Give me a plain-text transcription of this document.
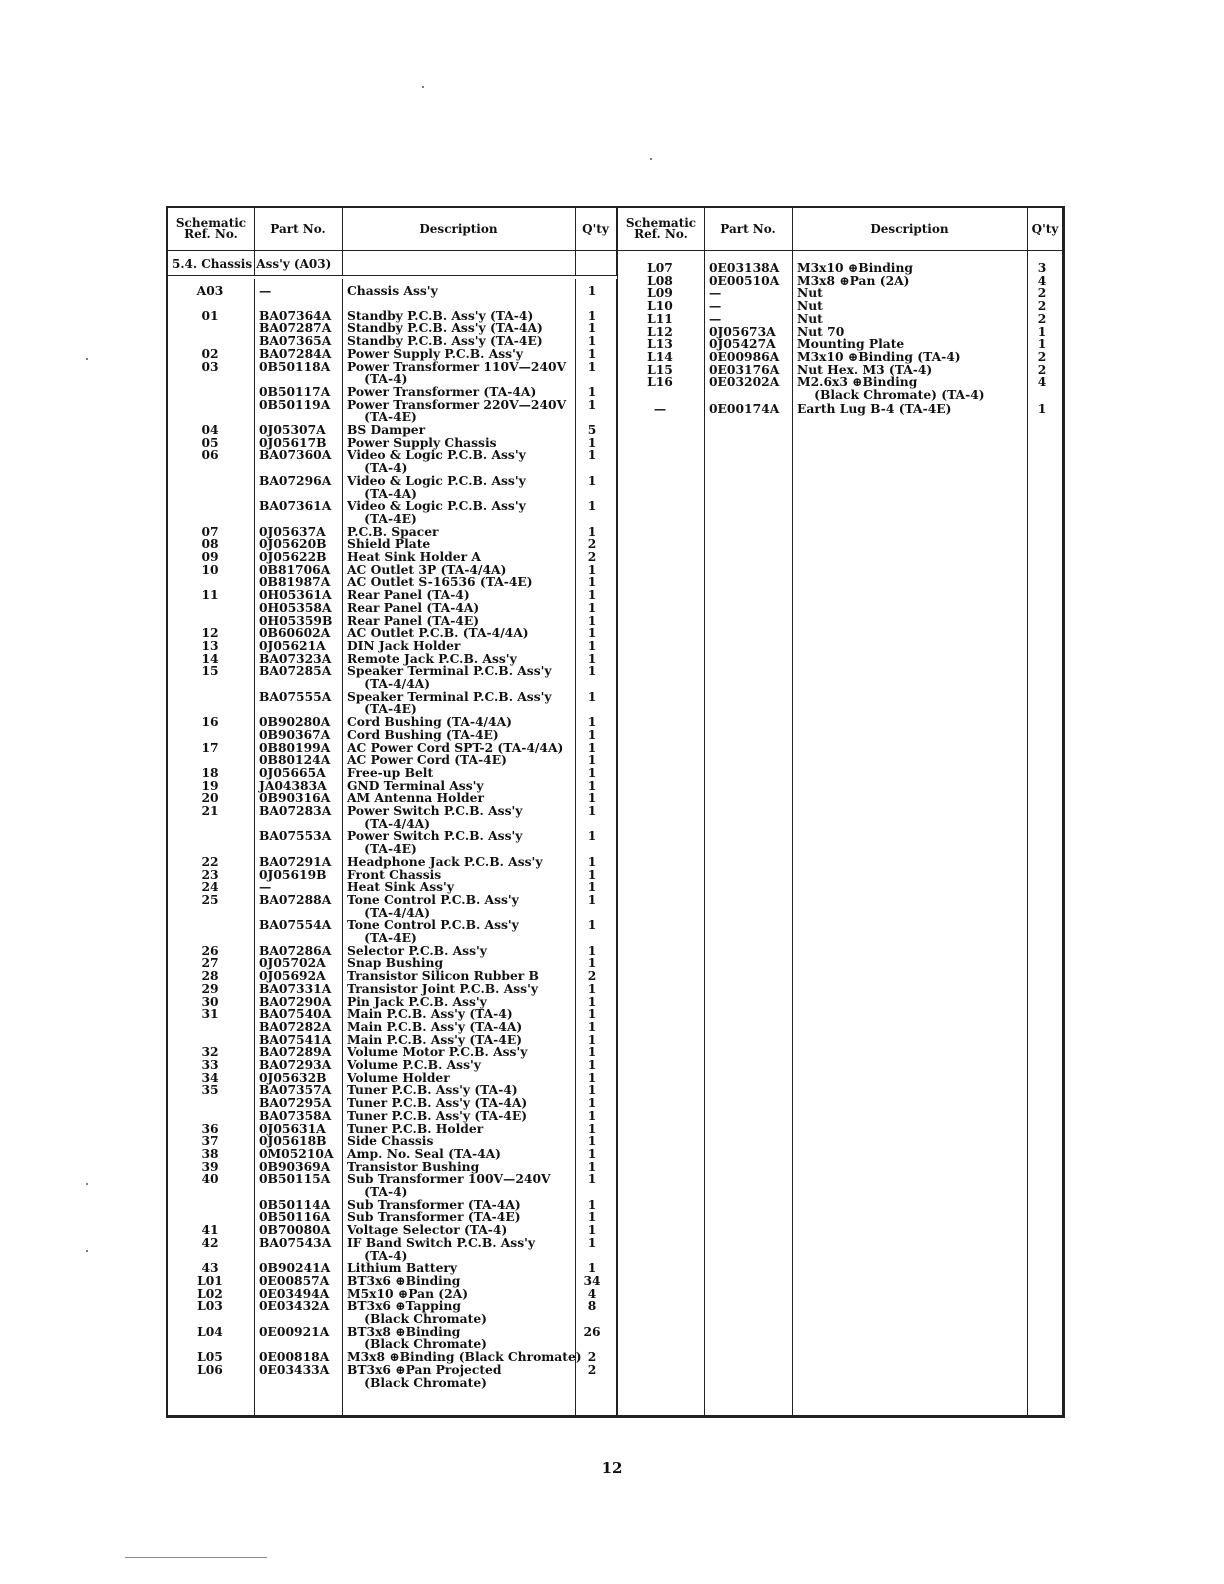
Schematic Ref. No.	Part No.	Description	Q'ty	Schematic Ref. No.	Part No.	Description	Q'ty
5.4. Chassis Ass'y (A03)
A03	—	Chassis Ass'y	1
01	BA07364A	Standby P.C.B. Ass'y (TA-4)	1
BA07287A	Standby P.C.B. Ass'y (TA-4A)	1
BA07365A	Standby P.C.B. Ass'y (TA-4E)	1
02	BA07284A	Power Supply P.C.B. Ass'y	1
03	0B50118A	Power Transformer 110V—240V	1
(TA-4)
0B50117A	Power Transformer (TA-4A)	1
0B50119A	Power Transformer 220V—240V	1
(TA-4E)
04	0J05307A	BS Damper	5
05	0J05617B	Power Supply Chassis	1
06	BA07360A	Video & Logic P.C.B. Ass'y	1
(TA-4)
BA07296A	Video & Logic P.C.B. Ass'y	1
(TA-4A)
BA07361A	Video & Logic P.C.B. Ass'y	1
(TA-4E)
07	0J05637A	P.C.B. Spacer	1
08	0J05620B	Shield Plate	2
09	0J05622B	Heat Sink Holder A	2
10	0B81706A	AC Outlet 3P (TA-4/4A)	1
0B81987A	AC Outlet S-16536 (TA-4E)	1
11	0H05361A	Rear Panel (TA-4)	1
0H05358A	Rear Panel (TA-4A)	1
0H05359B	Rear Panel (TA-4E)	1
12	0B60602A	AC Outlet P.C.B. (TA-4/4A)	1
13	0J05621A	DIN Jack Holder	1
14	BA07323A	Remote Jack P.C.B. Ass'y	1
15	BA07285A	Speaker Terminal P.C.B. Ass'y	1
(TA-4/4A)
BA07555A	Speaker Terminal P.C.B. Ass'y	1
(TA-4E)
16	0B90280A	Cord Bushing (TA-4/4A)	1
0B90367A	Cord Bushing (TA-4E)	1
17	0B80199A	AC Power Cord SPT-2 (TA-4/4A)	1
0B80124A	AC Power Cord (TA-4E)	1
18	0J05665A	Free-up Belt	1
19	JA04383A	GND Terminal Ass'y	1
20	0B90316A	AM Antenna Holder	1
21	BA07283A	Power Switch P.C.B. Ass'y	1
(TA-4/4A)
BA07553A	Power Switch P.C.B. Ass'y	1
(TA-4E)
22	BA07291A	Headphone Jack P.C.B. Ass'y	1
23	0J05619B	Front Chassis	1
24	—	Heat Sink Ass'y	1
25	BA07288A	Tone Control P.C.B. Ass'y	1
(TA-4/4A)
BA07554A	Tone Control P.C.B. Ass'y	1
(TA-4E)
26	BA07286A	Selector P.C.B. Ass'y	1
27	0J05702A	Snap Bushing	1
28	0J05692A	Transistor Silicon Rubber B	2
29	BA07331A	Transistor Joint P.C.B. Ass'y	1
30	BA07290A	Pin Jack P.C.B. Ass'y	1
31	BA07540A	Main P.C.B. Ass'y (TA-4)	1
BA07282A	Main P.C.B. Ass'y (TA-4A)	1
BA07541A	Main P.C.B. Ass'y (TA-4E)	1
32	BA07289A	Volume Motor P.C.B. Ass'y	1
33	BA07293A	Volume P.C.B. Ass'y	1
34	0J05632B	Volume Holder	1
35	BA07357A	Tuner P.C.B. Ass'y (TA-4)	1
BA07295A	Tuner P.C.B. Ass'y (TA-4A)	1
BA07358A	Tuner P.C.B. Ass'y (TA-4E)	1
36	0J05631A	Tuner P.C.B. Holder	1
37	0J05618B	Side Chassis	1
38	0M05210A	Amp. No. Seal (TA-4A)	1
39	0B90369A	Transistor Bushing	1
40	0B50115A	Sub Transformer 100V—240V	1
(TA-4)
0B50114A	Sub Transformer (TA-4A)	1
0B50116A	Sub Transformer (TA-4E)	1
41	0B70080A	Voltage Selector (TA-4)	1
42	BA07543A	IF Band Switch P.C.B. Ass'y	1
(TA-4)
43	0B90241A	Lithium Battery	1
L01	0E00857A	BT3x6 ⊕Binding	34
L02	0E03494A	M5x10 ⊕Pan (2A)	4
L03	0E03432A	BT3x6 ⊕Tapping	8
(Black Chromate)
L04	0E00921A	BT3x8 ⊕Binding	26
(Black Chromate)
L05	0E00818A	M3x8 ⊕Binding (Black Chromate) 2
L06	0E03433A	BT3x6 ⊕Pan Projected	2
(Black Chromate)
L07	0E03138A	M3x10 ⊕Binding	3
L08	0E00510A	M3x8 ⊕Pan (2A)	4
L09	—	Nut	2
L10	—	Nut	2
L11	—	Nut	2
L12	0J05673A	Nut 70	1
L13	0J05427A	Mounting Plate	1
L14	0E00986A	M3x10 ⊕Binding (TA-4)	2
L15	0E03176A	Nut Hex. M3 (TA-4)	2
L16	0E03202A	M2.6x3 ⊕Binding	4
(Black Chromate) (TA-4)
—	0E00174A	Earth Lug B-4 (TA-4E)	1
12
